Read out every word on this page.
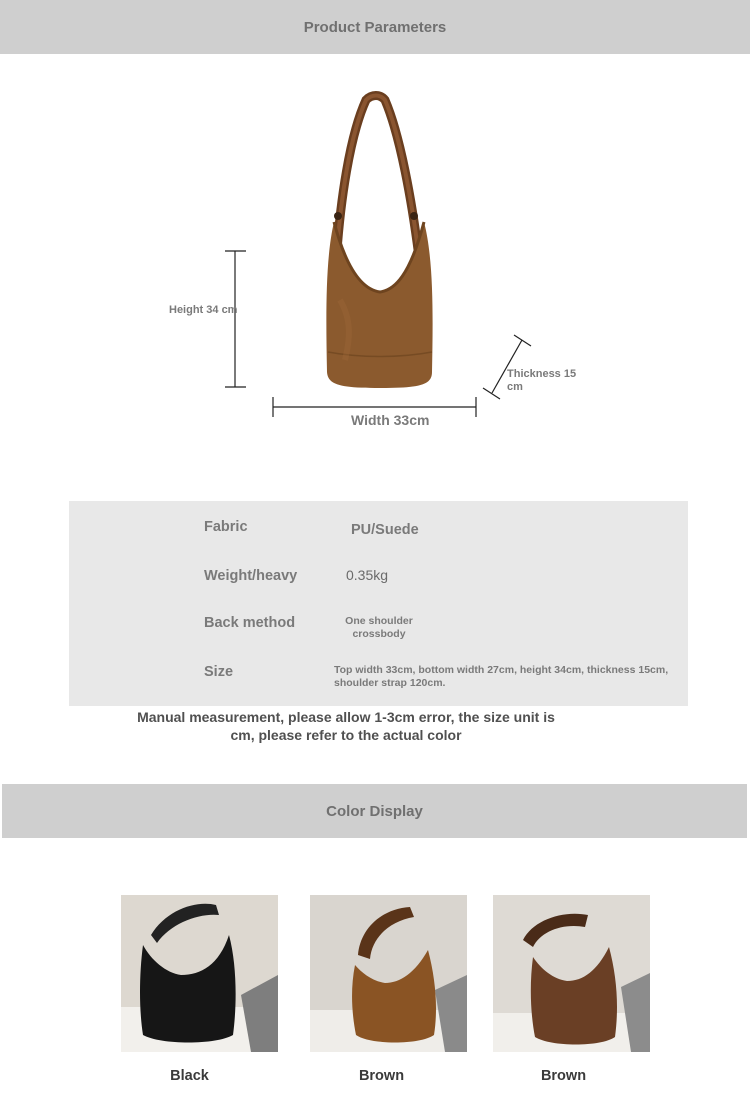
Product Parameters
Height 34 cm
Thickness 15 cm
Width 33cm
Fabric	PU/Suede
Weight/heavy	0.35kg
Back method	One shoulder
crossbody
Size	Top width 33cm, bottom width 27cm, height 34cm, thickness 15cm,
shoulder strap 120cm.
Manual measurement, please allow 1-3cm error, the size unit is
cm, please refer to the actual color
Color Display
Black	Brown	Brown
